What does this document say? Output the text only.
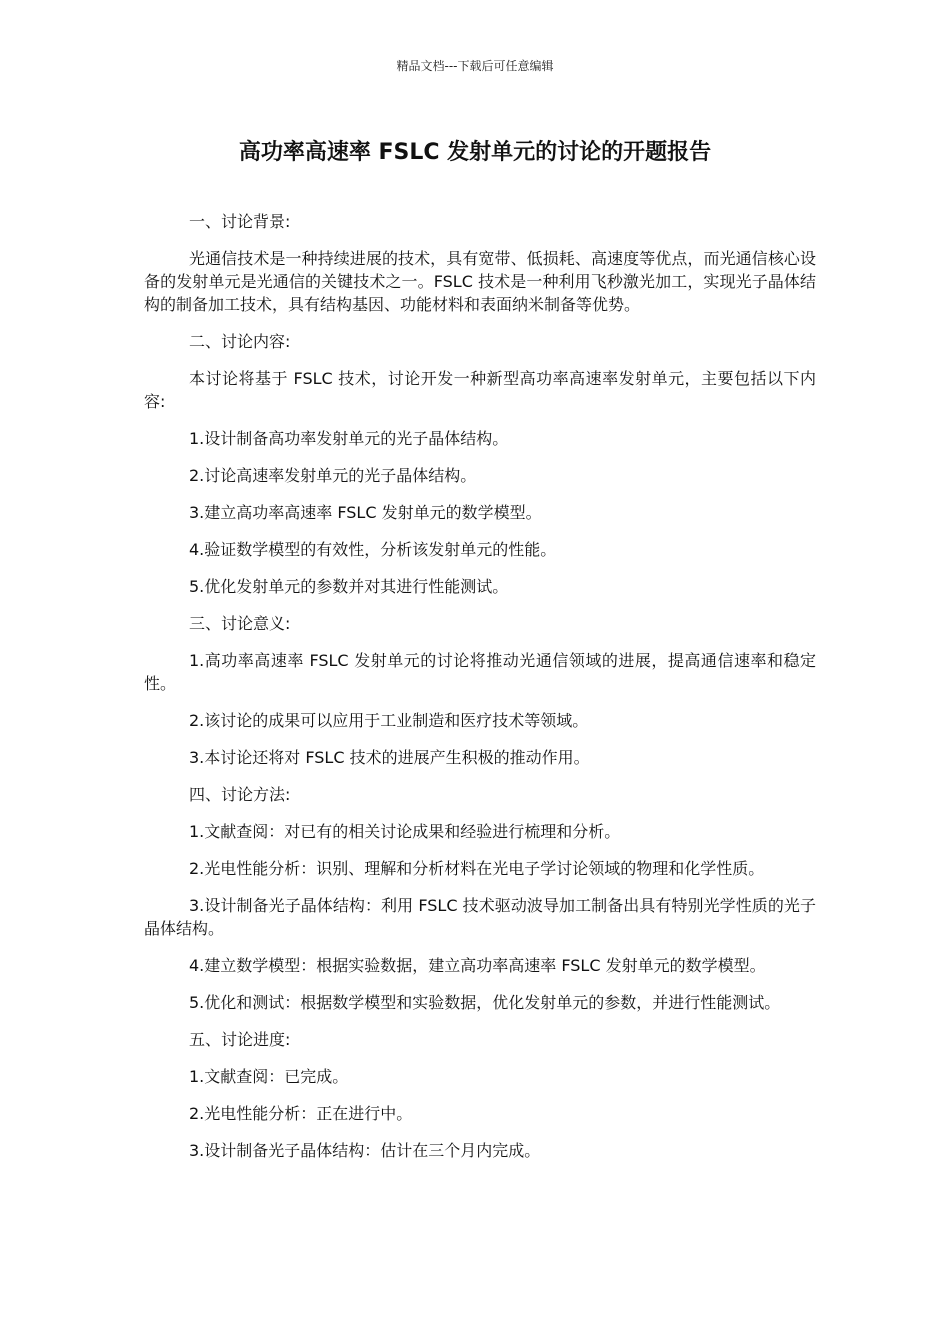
精品文档---下载后可任意编辑
高功率高速率 FSLC 发射单元的讨论的开题报告

一、讨论背景:

光通信技术是一种持续进展的技术，具有宽带、低损耗、高速度等优点，而光通信核心设备的发射单元是光通信的关键技术之一。FSLC 技术是一种利用飞秒激光加工，实现光子晶体结构的制备加工技术，具有结构基因、功能材料和表面纳米制备等优势。

二、讨论内容:

本讨论将基于 FSLC 技术，讨论开发一种新型高功率高速率发射单元，主要包括以下内容:

1.设计制备高功率发射单元的光子晶体结构。

2.讨论高速率发射单元的光子晶体结构。

3.建立高功率高速率 FSLC 发射单元的数学模型。

4.验证数学模型的有效性，分析该发射单元的性能。

5.优化发射单元的参数并对其进行性能测试。

三、讨论意义:

1.高功率高速率 FSLC 发射单元的讨论将推动光通信领域的进展，提高通信速率和稳定性。

2.该讨论的成果可以应用于工业制造和医疗技术等领域。

3.本讨论还将对 FSLC 技术的进展产生积极的推动作用。

四、讨论方法:

1.文献查阅：对已有的相关讨论成果和经验进行梳理和分析。

2.光电性能分析：识别、理解和分析材料在光电子学讨论领域的物理和化学性质。

3.设计制备光子晶体结构：利用 FSLC 技术驱动波导加工制备出具有特别光学性质的光子晶体结构。

4.建立数学模型：根据实验数据，建立高功率高速率 FSLC 发射单元的数学模型。

5.优化和测试：根据数学模型和实验数据，优化发射单元的参数，并进行性能测试。

五、讨论进度:

1.文献查阅：已完成。

2.光电性能分析：正在进行中。

3.设计制备光子晶体结构：估计在三个月内完成。
